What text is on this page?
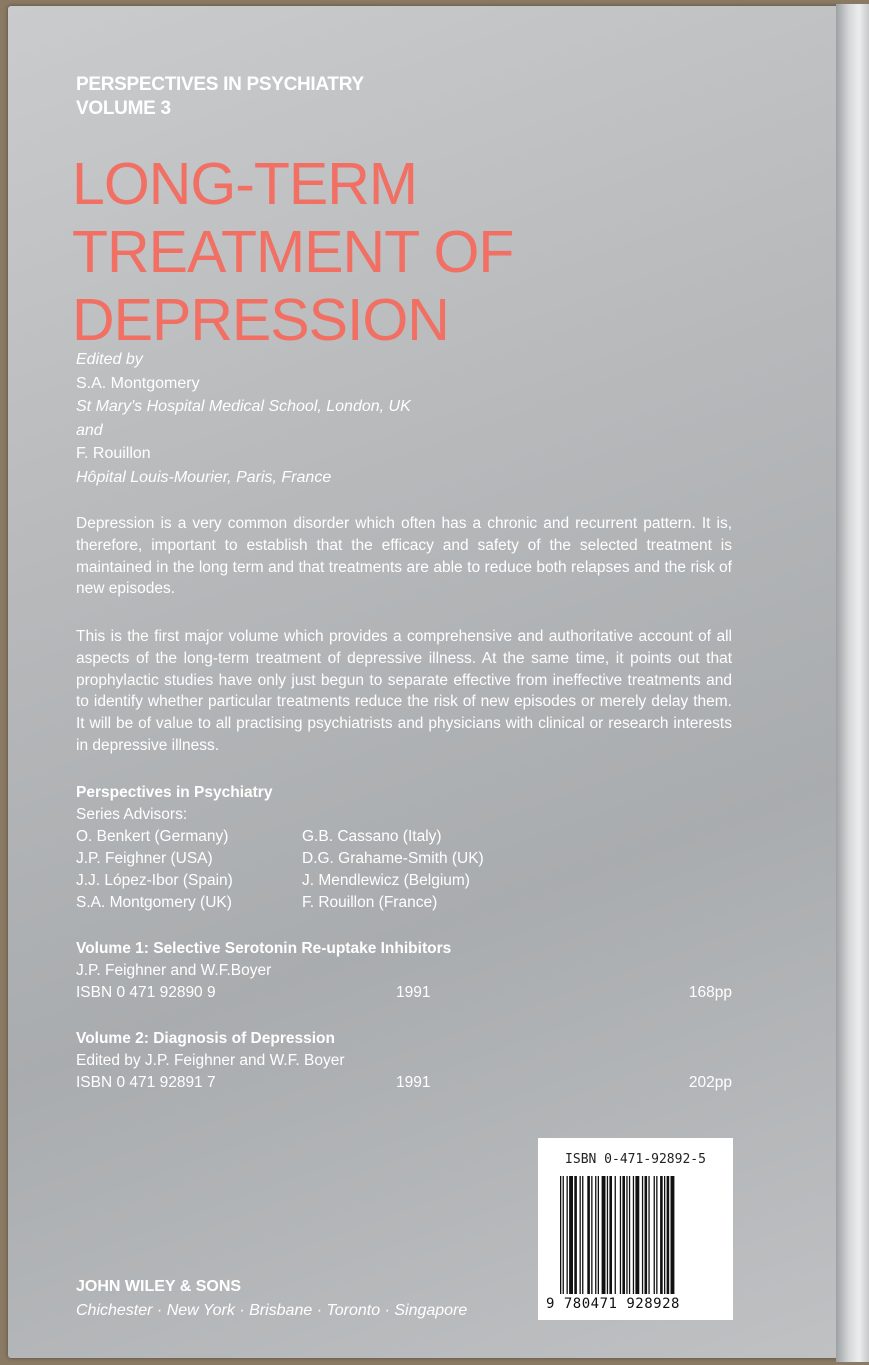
PERSPECTIVES IN PSYCHIATRY
VOLUME 3
LONG-TERM
TREATMENT OF
DEPRESSION
Edited by
S.A. Montgomery
St Mary's Hospital Medical School, London, UK
and
F. Rouillon
Hôpital Louis-Mourier, Paris, France
Depression is a very common disorder which often has a chronic and recurrent pattern. It is, therefore, important to establish that the efficacy and safety of the selected treatment is maintained in the long term and that treatments are able to reduce both relapses and the risk of new episodes.
This is the first major volume which provides a comprehensive and authoritative account of all aspects of the long-term treatment of depressive illness. At the same time, it points out that prophylactic studies have only just begun to separate effective from ineffective treatments and to identify whether particular treatments reduce the risk of new episodes or merely delay them. It will be of value to all practising psychiatrists and physicians with clinical or research interests in depressive illness.
Perspectives in Psychiatry
Series Advisors:
O. Benkert (Germany)	G.B. Cassano (Italy)
J.P. Feighner (USA)	D.G. Grahame-Smith (UK)
J.J. López-Ibor (Spain)	J. Mendlewicz (Belgium)
S.A. Montgomery (UK)	F. Rouillon (France)
Volume 1: Selective Serotonin Re-uptake Inhibitors
J.P. Feighner and W.F.Boyer
ISBN 0 471 92890 9	1991	168pp
Volume 2: Diagnosis of Depression
Edited by J.P. Feighner and W.F. Boyer
ISBN 0 471 92891 7	1991	202pp
ISBN 0-471-92892-5
9 780471 928928
JOHN WILEY & SONS
Chichester · New York · Brisbane · Toronto · Singapore
